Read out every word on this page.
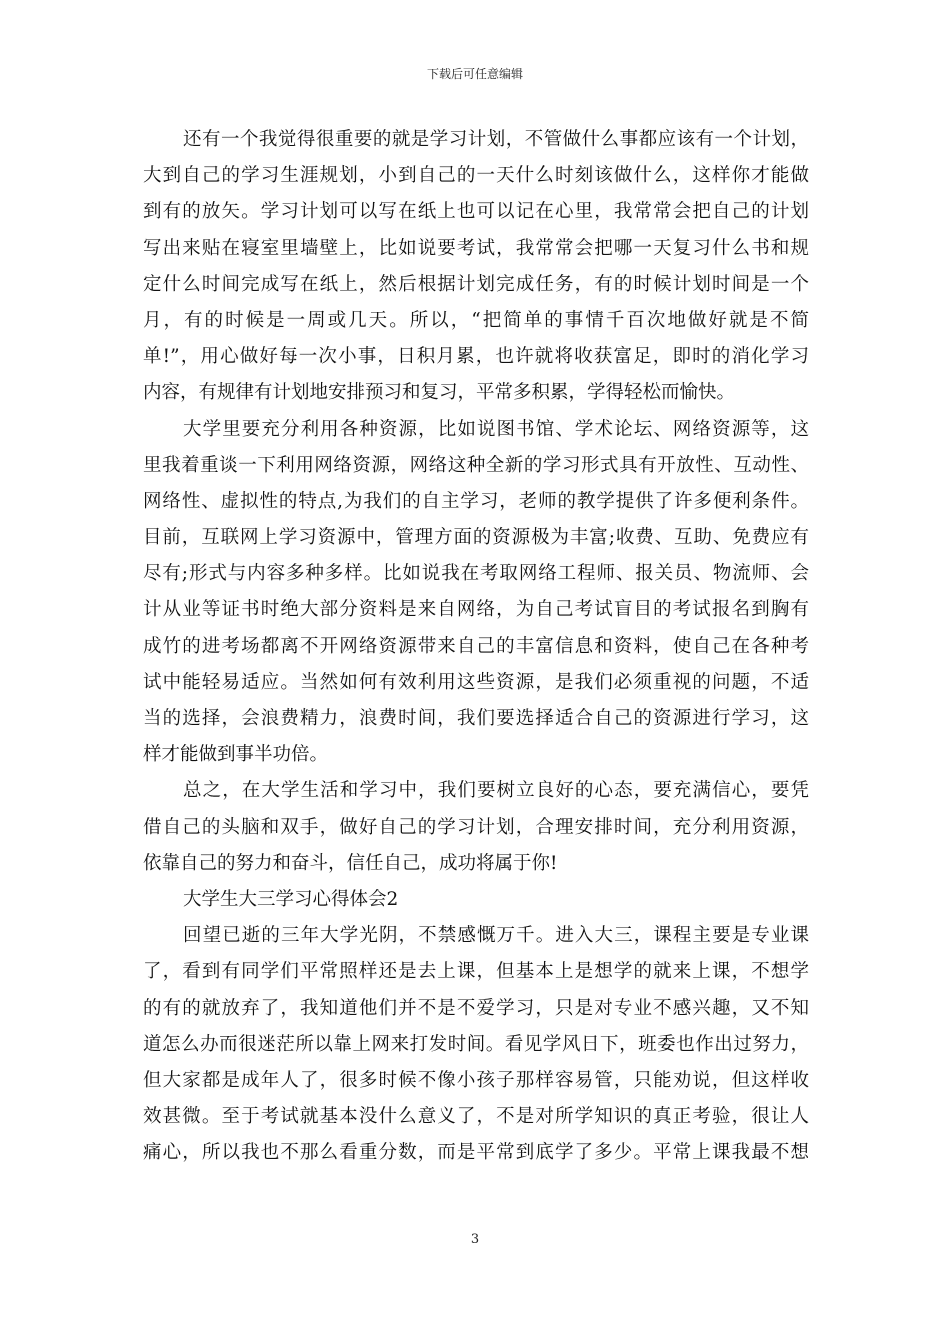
下载后可任意编辑
还有一个我觉得很重要的就是学习计划，不管做什么事都应该有一个计划，
大到自己的学习生涯规划，小到自己的一天什么时刻该做什么，这样你才能做
到有的放矢。学习计划可以写在纸上也可以记在心里，我常常会把自己的计划
写出来贴在寝室里墙壁上，比如说要考试，我常常会把哪一天复习什么书和规
定什么时间完成写在纸上，然后根据计划完成任务，有的时候计划时间是一个
月，有的时候是一周或几天。所以，“把简单的事情千百次地做好就是不简
单!”，用心做好每一次小事，日积月累，也许就将收获富足，即时的消化学习
内容，有规律有计划地安排预习和复习，平常多积累，学得轻松而愉快。
大学里要充分利用各种资源，比如说图书馆、学术论坛、网络资源等，这
里我着重谈一下利用网络资源，网络这种全新的学习形式具有开放性、互动性、
网络性、虚拟性的特点,为我们的自主学习，老师的教学提供了许多便利条件。
目前，互联网上学习资源中，管理方面的资源极为丰富;收费、互助、免费应有
尽有;形式与内容多种多样。比如说我在考取网络工程师、报关员、物流师、会
计从业等证书时绝大部分资料是来自网络，为自己考试盲目的考试报名到胸有
成竹的进考场都离不开网络资源带来自己的丰富信息和资料，使自己在各种考
试中能轻易适应。当然如何有效利用这些资源，是我们必须重视的问题，不适
当的选择，会浪费精力，浪费时间，我们要选择适合自己的资源进行学习，这
样才能做到事半功倍。
总之，在大学生活和学习中，我们要树立良好的心态，要充满信心，要凭
借自己的头脑和双手，做好自己的学习计划，合理安排时间，充分利用资源，
依靠自己的努力和奋斗，信任自己，成功将属于你!
大学生大三学习心得体会2
回望已逝的三年大学光阴，不禁感慨万千。进入大三，课程主要是专业课
了，看到有同学们平常照样还是去上课，但基本上是想学的就来上课，不想学
的有的就放弃了，我知道他们并不是不爱学习，只是对专业不感兴趣，又不知
道怎么办而很迷茫所以靠上网来打发时间。看见学风日下，班委也作出过努力，
但大家都是成年人了，很多时候不像小孩子那样容易管，只能劝说，但这样收
效甚微。至于考试就基本没什么意义了，不是对所学知识的真正考验，很让人
痛心，所以我也不那么看重分数，而是平常到底学了多少。平常上课我最不想
3
